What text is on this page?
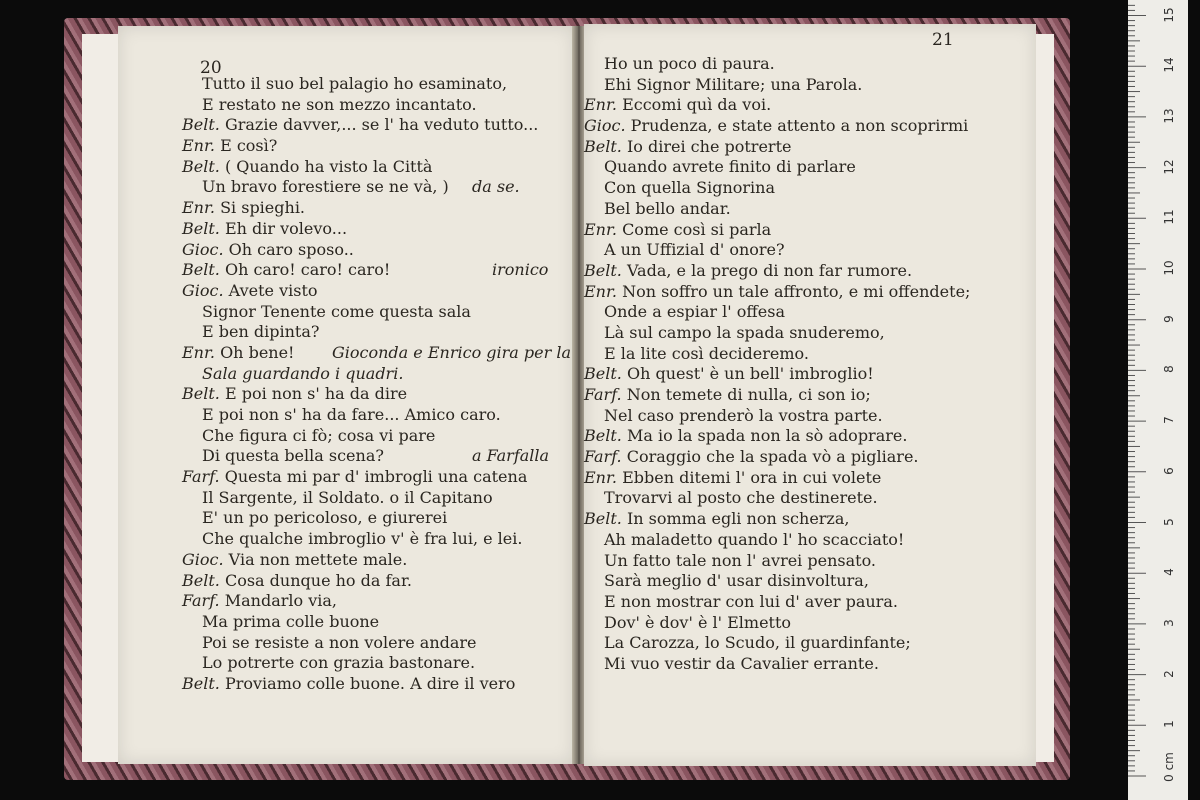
20
Tutto il suo bel palagio ho esaminato,
E restato ne son mezzo incantato.
Belt. Grazie davver,... se l' ha veduto tutto...
Enr. E così?
Belt. ( Quando ha visto la Città
Un bravo forestiere se ne và, ) da se.
Enr. Si spieghi.
Belt. Eh dir volevo...
Gioc. Oh caro sposo..
Belt. Oh caro! caro! caro!	ironico
Gioc. Avete visto
Signor Tenente come questa sala
E ben dipinta?
Enr. Oh bene! Gioconda e Enrico gira per la
Sala guardando i quadri.
Belt. E poi non s' ha da dire
E poi non s' ha da fare... Amico caro.
Che figura ci fò; cosa vi pare
Di questa bella scena?	a Farfalla
Farf. Questa mi par d' imbrogli una catena
Il Sargente, il Soldato. o il Capitano
E' un po pericoloso, e giurerei
Che qualche imbroglio v' è fra lui, e lei.
Gioc. Via non mettete male.
Belt. Cosa dunque ho da far.
Farf. Mandarlo via,
Ma prima colle buone
Poi se resiste a non volere andare
Lo potrerte con grazia bastonare.
Belt. Proviamo colle buone. A dire il vero
21
Ho un poco di paura.
Ehi Signor Militare; una Parola.
Enr. Eccomi quì da voi.
Gioc. Prudenza, e state attento a non scoprirmi
Belt. Io direi che potrerte
Quando avrete finito di parlare
Con quella Signorina
Bel bello andar.
Enr. Come così si parla
A un Uffizial d' onore?
Belt. Vada, e la prego di non far rumore.
Enr. Non soffro un tale affronto, e mi offendete;
Onde a espiar l' offesa
Là sul campo la spada snuderemo,
E la lite così decideremo.
Belt. Oh quest' è un bell' imbroglio!
Farf. Non temete di nulla, ci son io;
Nel caso prenderò la vostra parte.
Belt. Ma io la spada non la sò adoprare.
Farf. Coraggio che la spada vò a pigliare.
Enr. Ebben ditemi l' ora in cui volete
Trovarvi al posto che destinerete.
Belt. In somma egli non scherza,
Ah maladetto quando l' ho scacciato!
Un fatto tale non l' avrei pensato.
Sarà meglio d' usar disinvoltura,
E non mostrar con lui d' aver paura.
Dov' è dov' è l' Elmetto
La Carozza, lo Scudo, il guardinfante;
Mi vuo vestir da Cavalier errante.
0 cm
1
2
3
4
5
6
7
8
9
10
11
12
13
14
15
